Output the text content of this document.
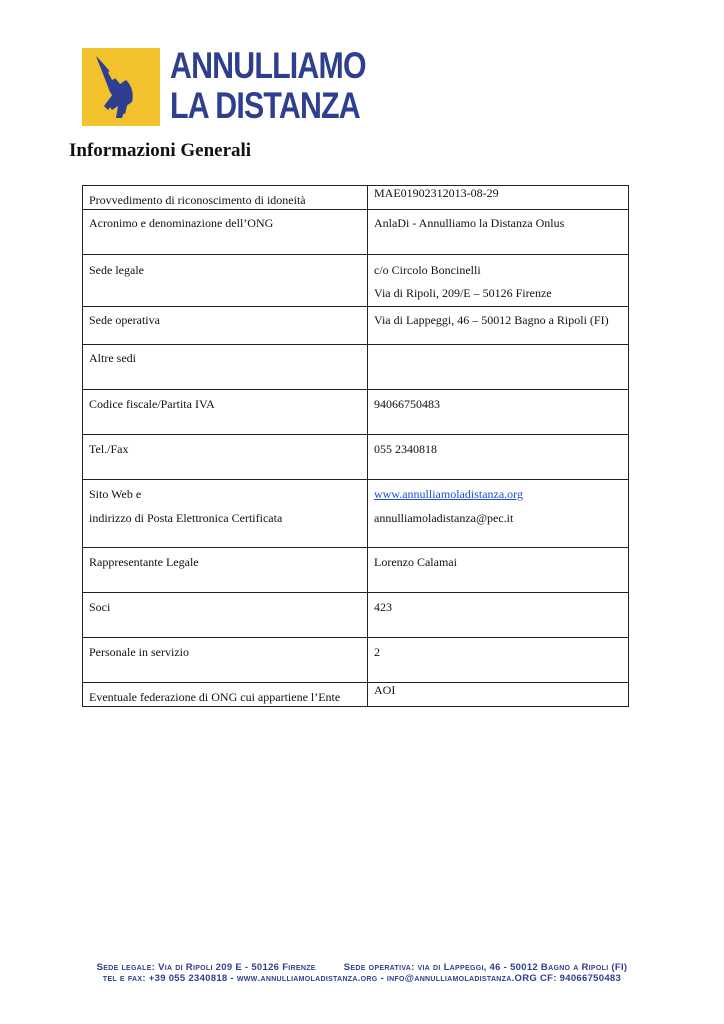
ANNULLIAMO
LA DISTANZA
Informazioni Generali
Provvedimento di riconoscimento di idoneità	MAE01902312013-08-29
Acronimo e denominazione dell’ONG	AnlaDi - Annulliamo la Distanza Onlus
Sede legale	c/o Circolo Boncinelli
Via di Ripoli, 209/E – 50126 Firenze

Sede operativa	Via di Lappeggi, 46 – 50012 Bagno a Ripoli (FI)
Altre sedi	
Codice fiscale/Partita IVA	94066750483
Tel./Fax	055 2340818

Sito Web e
indirizzo di Posta Elettronica Certificata	www.annulliamoladistanza.org
annulliamoladistanza@pec.it

Rappresentante Legale	Lorenzo Calamai
Soci	423
Personale in servizio	2
Eventuale federazione di ONG cui appartiene l’Ente	AOI
Sede legale: Via di Ripoli 209 E - 50126 Firenze	Sede operativa: via di Lappeggi, 46 - 50012 Bagno a Ripoli (FI)
tel e fax: +39 055 2340818 - www.annulliamoladistanza.org - info@annulliamoladistanza.ORG CF: 94066750483
